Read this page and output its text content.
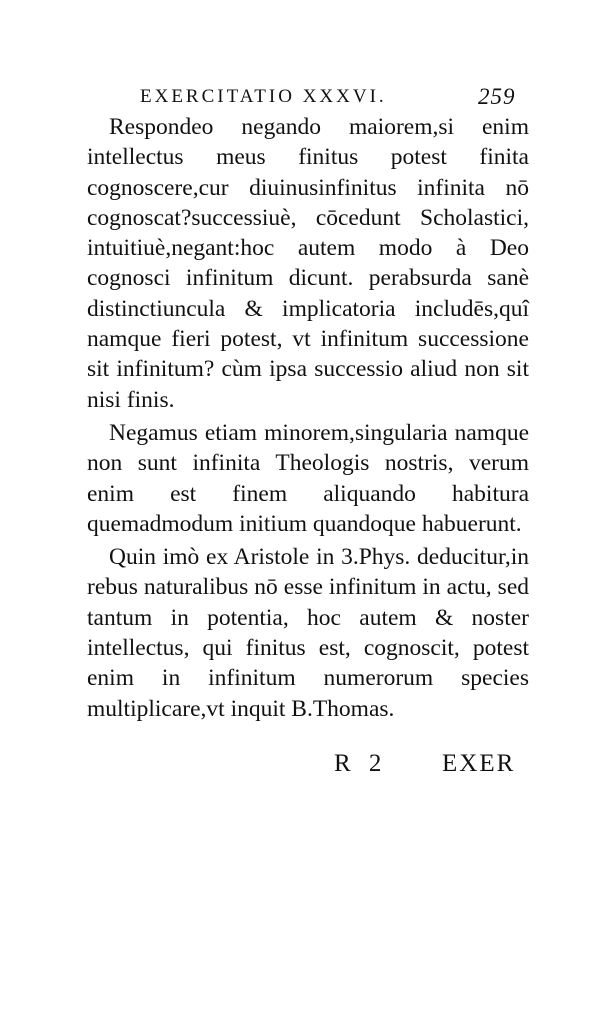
EXERCITATIO XXXVI.	259

Respondeo negando maiorem,si enim intellectus meus finitus potest finita cognoscere,cur diuinusinfinitus infinita nō cognoscat?successiuè, cōcedunt Scholastici, intuitiuè,negant:hoc autem modo à Deo cognosci infinitum dicunt. perabsurda sanè distinctiuncula & implicatoria includēs,quî namque fieri potest, vt infinitum successione sit infinitum? cùm ipsa successio aliud non sit nisi finis.

Negamus etiam minorem,singularia namque non sunt infinita Theologis nostris, verum enim est finem aliquando habitura quemadmodum initium quandoque habuerunt.

Quin imò ex Aristole in 3.Phys. deducitur,in rebus naturalibus nō esse infinitum in actu, sed tantum in potentia, hoc autem & noster intellectus, qui finitus est, cognoscit, potest enim in infinitum numerorum species multiplicare,vt inquit B.Thomas.

R 2 EXER
